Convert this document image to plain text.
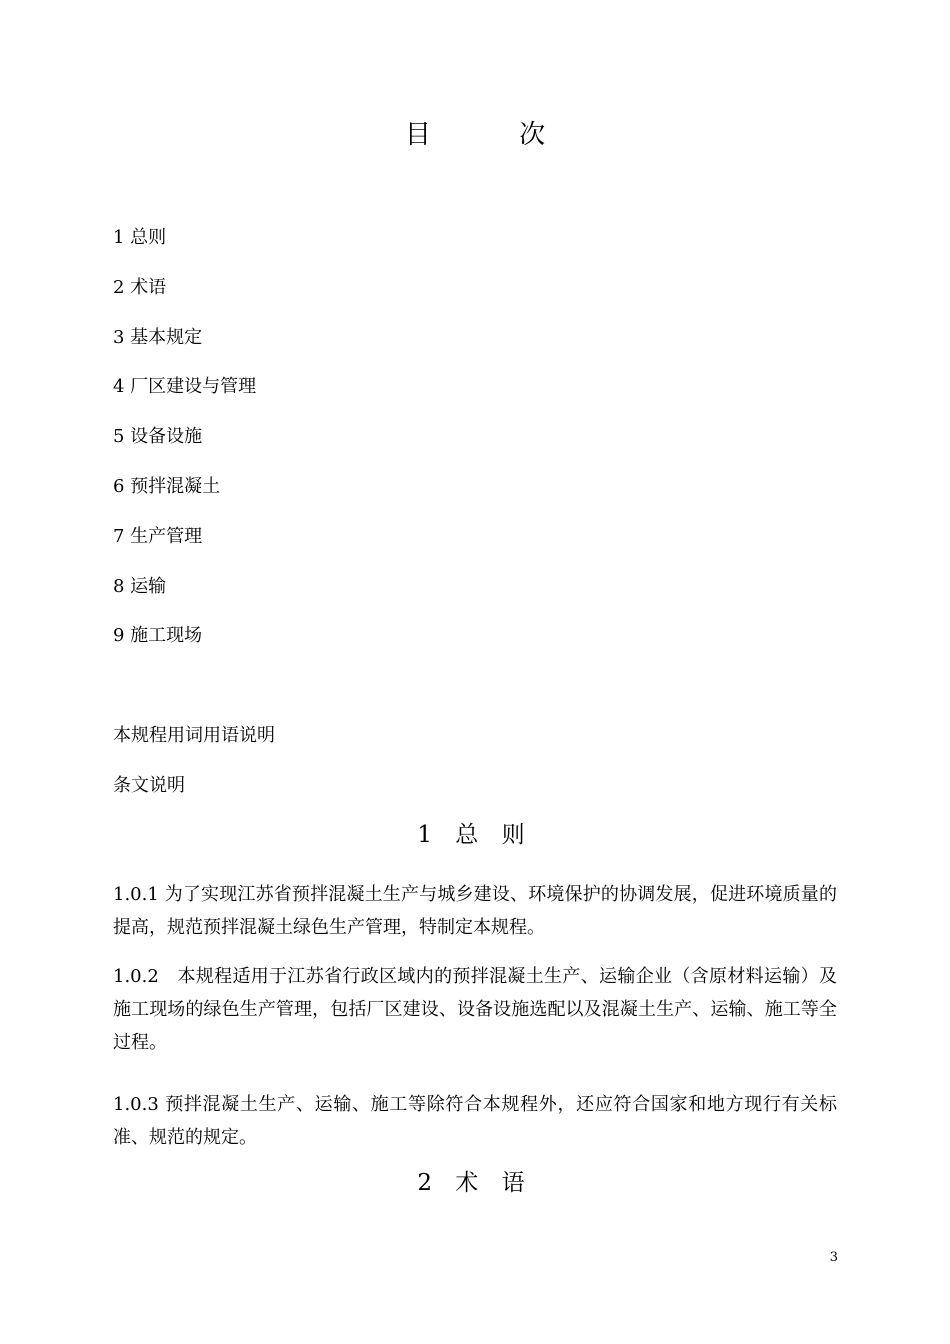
目 次
1 总则
2 术语
3 基本规定
4 厂区建设与管理
5 设备设施
6 预拌混凝土
7 生产管理
8 运输
9 施工现场
本规程用词用语说明
条文说明
1 总 则

1.0.1 为了实现江苏省预拌混凝土生产与城乡建设、环境保护的协调发展，促进环境质量的提高，规范预拌混凝土绿色生产管理，特制定本规程。

1.0.2　本规程适用于江苏省行政区域内的预拌混凝土生产、运输企业（含原材料运输）及施工现场的绿色生产管理，包括厂区建设、设备设施选配以及混凝土生产、运输、施工等全过程。

1.0.3 预拌混凝土生产、运输、施工等除符合本规程外，还应符合国家和地方现行有关标准、规范的规定。

2 术 语
3
